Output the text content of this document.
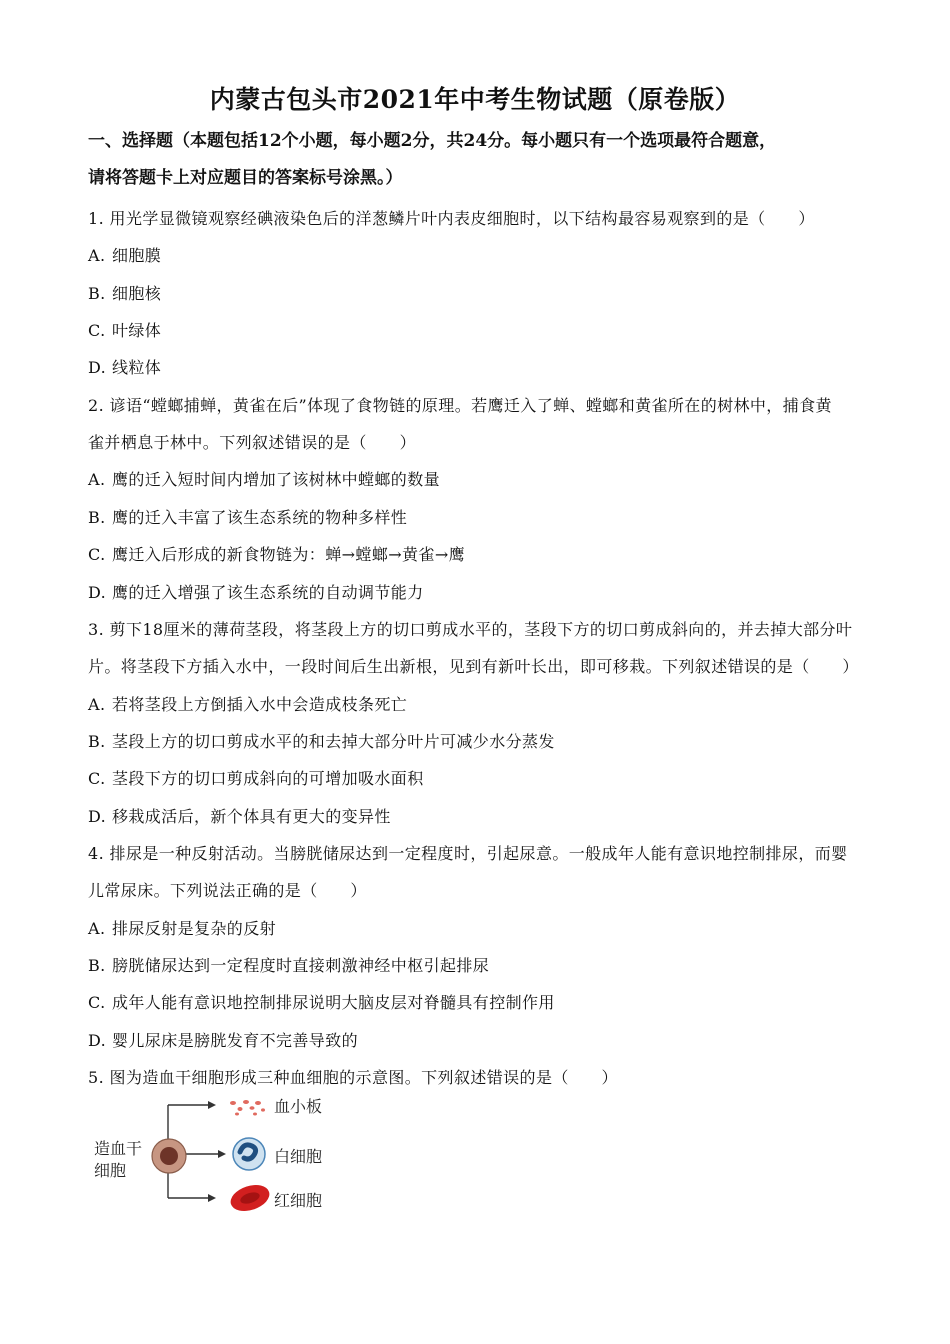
内蒙古包头市2021年中考生物试题（原卷版）
一、选择题（本题包括12个小题，每小题2分，共24分。每小题只有一个选项最符合题意，
请将答题卡上对应题目的答案标号涂黑。）
1. 用光学显微镜观察经碘液染色后的洋葱鳞片叶内表皮细胞时，以下结构最容易观察到的是（　　）
A. 细胞膜
B. 细胞核
C. 叶绿体
D. 线粒体
2. 谚语“螳螂捕蝉，黄雀在后”体现了食物链的原理。若鹰迁入了蝉、螳螂和黄雀所在的树林中，捕食黄
雀并栖息于林中。下列叙述错误的是（　　）
A. 鹰的迁入短时间内增加了该树林中螳螂的数量
B. 鹰的迁入丰富了该生态系统的物种多样性
C. 鹰迁入后形成的新食物链为：蝉→螳螂→黄雀→鹰
D. 鹰的迁入增强了该生态系统的自动调节能力
3. 剪下18厘米的薄荷茎段，将茎段上方的切口剪成水平的，茎段下方的切口剪成斜向的，并去掉大部分叶
片。将茎段下方插入水中，一段时间后生出新根，见到有新叶长出，即可移栽。下列叙述错误的是（　　）
A. 若将茎段上方倒插入水中会造成枝条死亡
B. 茎段上方的切口剪成水平的和去掉大部分叶片可减少水分蒸发
C. 茎段下方的切口剪成斜向的可增加吸水面积
D. 移栽成活后，新个体具有更大的变异性
4. 排尿是一种反射活动。当膀胱储尿达到一定程度时，引起尿意。一般成年人能有意识地控制排尿，而婴
儿常尿床。下列说法正确的是（　　）
A. 排尿反射是复杂的反射
B. 膀胱储尿达到一定程度时直接刺激神经中枢引起排尿
C. 成年人能有意识地控制排尿说明大脑皮层对脊髓具有控制作用
D. 婴儿尿床是膀胱发育不完善导致的
5. 图为造血干细胞形成三种血细胞的示意图。下列叙述错误的是（　　）
造血干
细胞
血小板
白细胞
红细胞
